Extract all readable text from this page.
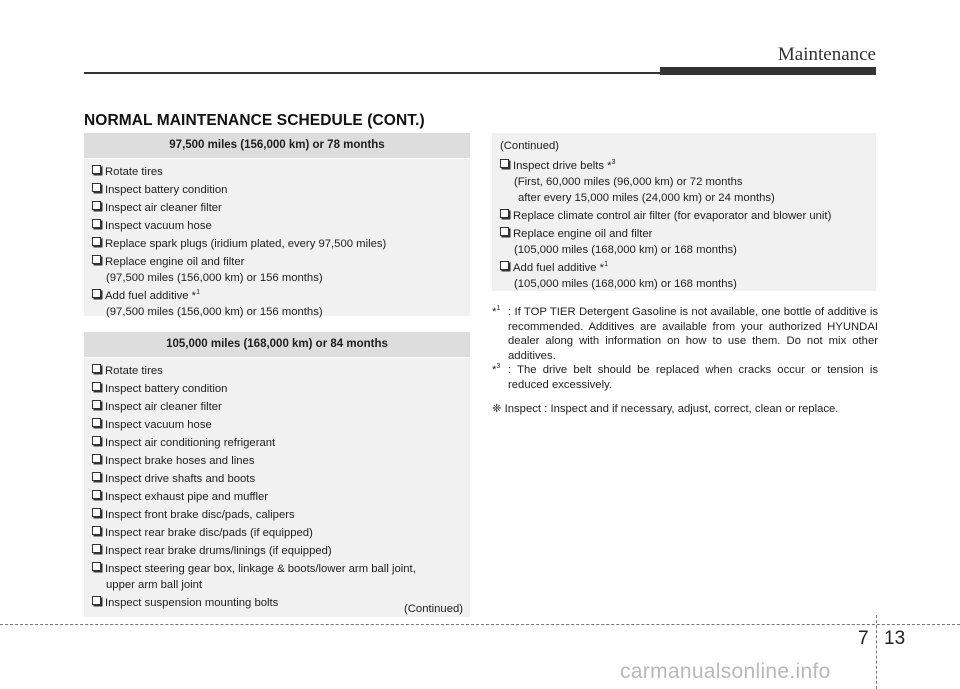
Maintenance
NORMAL MAINTENANCE SCHEDULE (CONT.)
97,500 miles (156,000 km) or 78 months
Rotate tires
Inspect battery condition
Inspect air cleaner filter
Inspect vacuum hose
Replace spark plugs (iridium plated, every 97,500 miles)
Replace engine oil and filter
(97,500 miles (156,000 km) or 156 months)
Add fuel additive *$^1$
(97,500 miles (156,000 km) or 156 months)
105,000 miles (168,000 km) or 84 months
Rotate tires
Inspect battery condition
Inspect air cleaner filter
Inspect vacuum hose
Inspect air conditioning refrigerant
Inspect brake hoses and lines
Inspect drive shafts and boots
Inspect exhaust pipe and muffler
Inspect front brake disc/pads, calipers
Inspect rear brake disc/pads (if equipped)
Inspect rear brake drums/linings (if equipped)
Inspect steering gear box, linkage & boots/lower arm ball joint,
upper arm ball joint
Inspect suspension mounting bolts	(Continued)
(Continued)
Inspect drive belts *$^3$
(First, 60,000 miles (96,000 km) or 72 months
after every 15,000 miles (24,000 km) or 24 months)
Replace climate control air filter (for evaporator and blower unit)
Replace engine oil and filter
(105,000 miles (168,000 km) or 168 months)
Add fuel additive *$^1$
(105,000 miles (168,000 km) or 168 months)
*$^1$ : If TOP TIER Detergent Gasoline is not available, one bottle of additive is recommended. Additives are available from your authorized HYUNDAI dealer along with information on how to use them. Do not mix other additives.
*$^3$ : The drive belt should be replaced when cracks occur or tension is reduced excessively.
❈ Inspect : Inspect and if necessary, adjust, correct, clean or replace.
7 13
carmanualsonline.info
